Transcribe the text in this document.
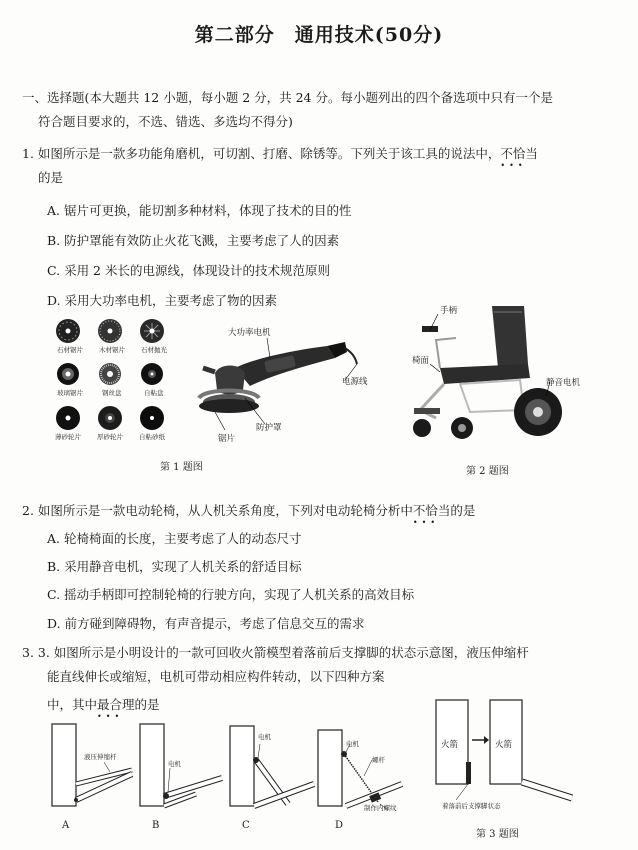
第二部分　通用技术(50分)
一、选择题(本大题共 12 小题，每小题 2 分，共 24 分。每小题列出的四个备选项中只有一个是
符合题目要求的，不选、错选、多选均不得分)
1. 如图所示是一款多功能角磨机，可切割、打磨、除锈等。下列关于该工具的说法中，不恰当 • • •
的是
A. 锯片可更换，能切割多种材料，体现了技术的目的性
B. 防护罩能有效防止火花飞溅，主要考虑了人的因素
C. 采用 2 米长的电源线，体现设计的技术规范原则
D. 采用大功率电机，主要考虑了物的因素
石材锯片 木材锯片 石材抛光
玻璃锯片	钢丝盘	自粘盘
薄砂轮片 厚砂轮片 自粘砂纸
大功率电机
电源线
防护罩
锯片
第 1 题图
手柄
椅面
静音电机
第 2 题图
2. 如图所示是一款电动轮椅，从人机关系角度，下列对电动轮椅分析中不恰当 • • •的是
A. 轮椅椅面的长度，主要考虑了人的动态尺寸
B. 采用静音电机，实现了人机关系的舒适目标
C. 摇动手柄即可控制轮椅的行驶方向，实现了人机关系的高效目标
D. 前方碰到障碍物，有声音提示，考虑了信息交互的需求
3. 3. 如图所示是小明设计的一款可回收火箭模型着落前后支撑脚的状态示意图，液压伸缩杆
能直线伸长或缩短，电机可带动相应构件转动，以下四种方案
中，其中最合理 • • •的是
液压伸缩杆
电机
电机
电机
螺杆
制作内螺纹
火箭	火箭
着落前后支撑脚状态
A	B	C	D
第 3 题图
